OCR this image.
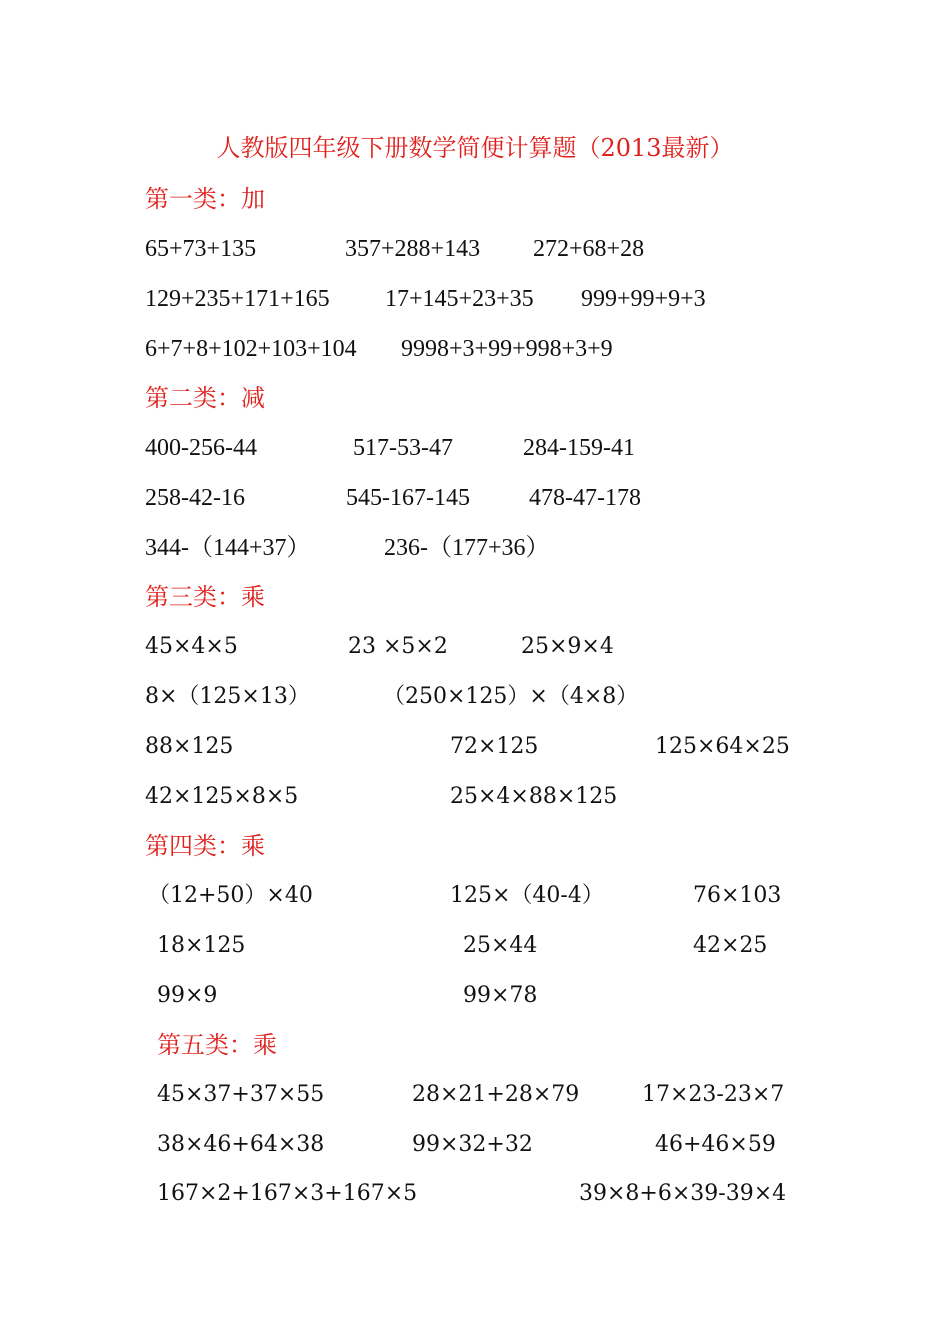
人教版四年级下册数学简便计算题（2013最新）
第一类：加
65+73+135	357+288+143 272+68+28
129+235+171+165 17+145+23+35 999+99+9+3
6+7+8+102+103+104 9998+3+99+998+3+9
第二类：减
400-256-44	517-53-47	284-159-41
258-42-16	545-167-145 478-47-178
344-（144+37）	236-（177+36）
第三类：乘
45×4×5	23 ×5×2	25×9×4
8×（125×13）	（250×125）×（4×8）
88×125	72×125	125×64×25
42×125×8×5	25×4×88×125
第四类：乘
（12+50）×40	125×（40-4）	76×103
18×125	25×44	42×25
99×9	99×78
第五类：乘
45×37+37×55	28×21+28×79	17×23-23×7
38×46+64×38	99×32+32	46+46×59
167×2+167×3+167×5	39×8+6×39-39×4
